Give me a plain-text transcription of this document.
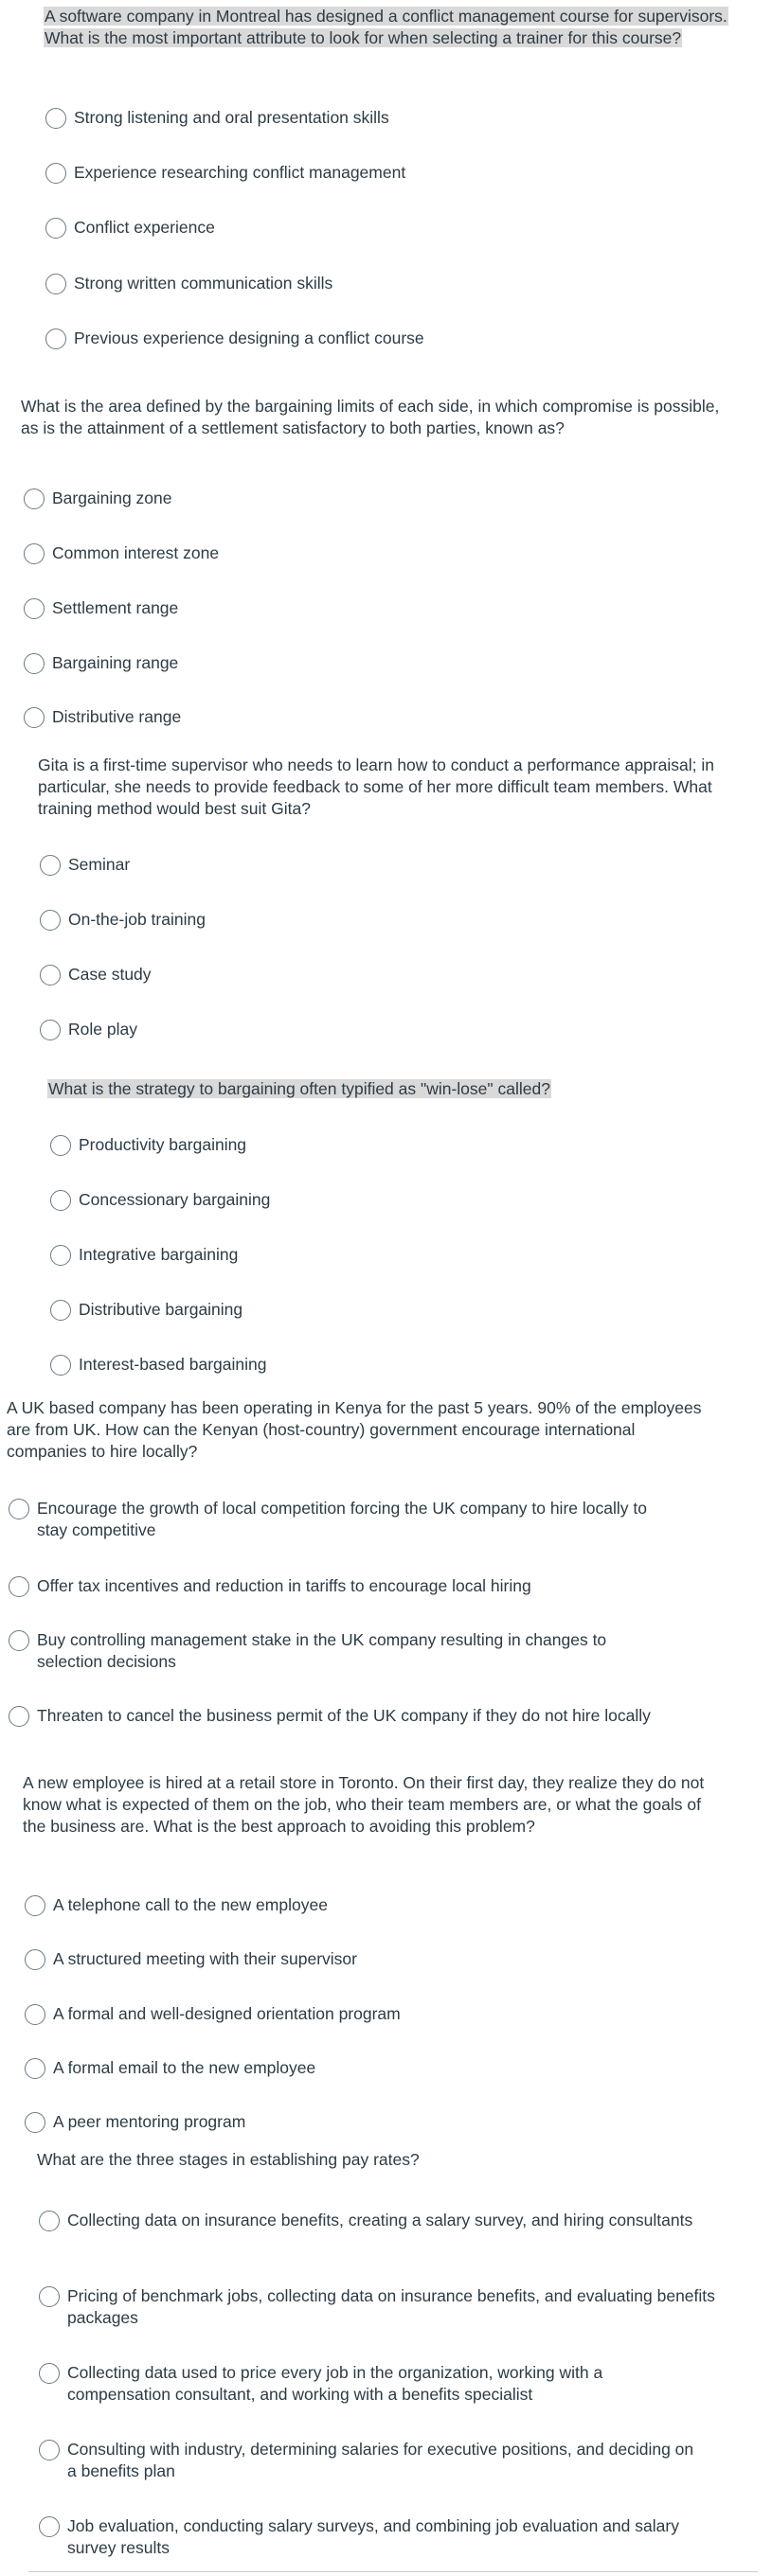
A software company in Montreal has designed a conflict management course for supervisors. What is the most important attribute to look for when selecting a trainer for this course?

Strong listening and oral presentation skills
Experience researching conflict management
Conflict experience
Strong written communication skills
Previous experience designing a conflict course

What is the area defined by the bargaining limits of each side, in which compromise is possible, as is the attainment of a settlement satisfactory to both parties, known as?

Bargaining zone
Common interest zone
Settlement range
Bargaining range
Distributive range

Gita is a first-time supervisor who needs to learn how to conduct a performance appraisal; in particular, she needs to provide feedback to some of her more difficult team members. What training method would best suit Gita?

Seminar
On-the-job training
Case study
Role play

What is the strategy to bargaining often typified as "win-lose" called?

Productivity bargaining
Concessionary bargaining
Integrative bargaining
Distributive bargaining
Interest-based bargaining

A UK based company has been operating in Kenya for the past 5 years. 90% of the employees are from UK. How can the Kenyan (host-country) government encourage international companies to hire locally?

Encourage the growth of local competition forcing the UK company to hire locally to stay competitive
Offer tax incentives and reduction in tariffs to encourage local hiring
Buy controlling management stake in the UK company resulting in changes to selection decisions
Threaten to cancel the business permit of the UK company if they do not hire locally

A new employee is hired at a retail store in Toronto. On their first day, they realize they do not know what is expected of them on the job, who their team members are, or what the goals of the business are. What is the best approach to avoiding this problem?

A telephone call to the new employee
A structured meeting with their supervisor
A formal and well-designed orientation program
A formal email to the new employee
A peer mentoring program

What are the three stages in establishing pay rates?

Collecting data on insurance benefits, creating a salary survey, and hiring consultants
Pricing of benchmark jobs, collecting data on insurance benefits, and evaluating benefits packages
Collecting data used to price every job in the organization, working with a compensation consultant, and working with a benefits specialist
Consulting with industry, determining salaries for executive positions, and deciding on a benefits plan
Job evaluation, conducting salary surveys, and combining job evaluation and salary survey results
